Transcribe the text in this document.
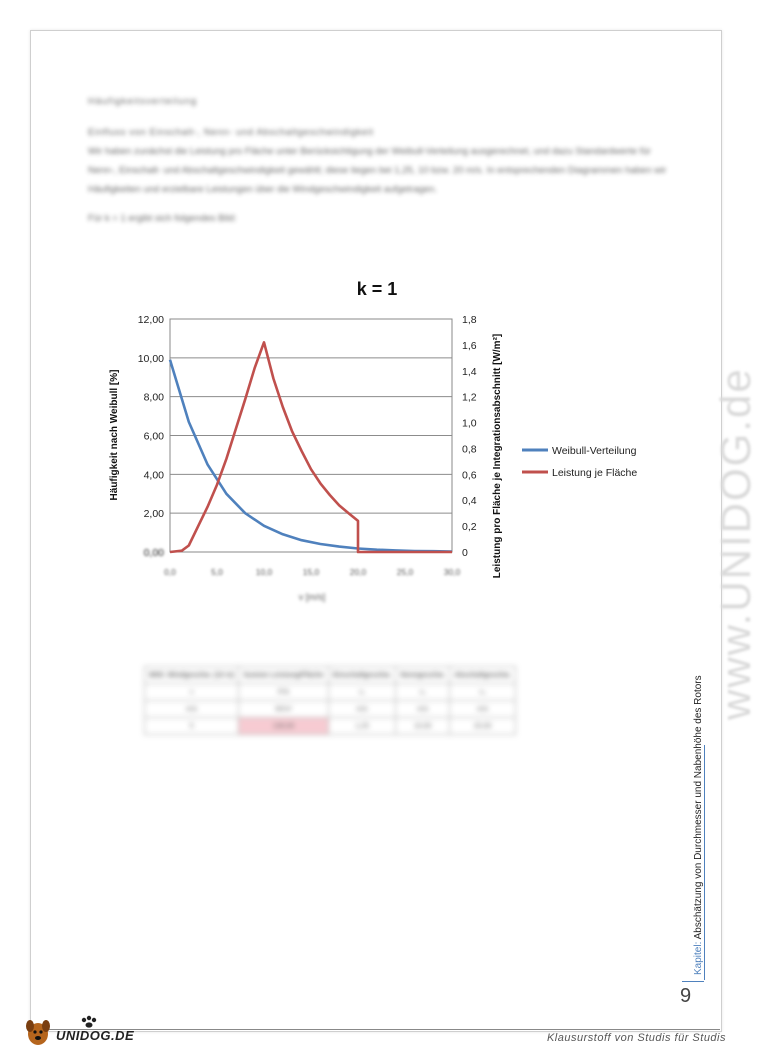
Häufigkeitsverteilung
Einfluss von Einschalt-, Nenn- und Abschaltgeschwindigkeit
Wir haben zunächst die Leistung pro Fläche unter Berücksichtigung der Weibull-Verteilung ausgerechnet, und dazu Standardwerte für Nenn-, Einschalt- und Abschaltgeschwindigkeit gewählt; diese liegen bei 1,25, 10 bzw. 20 m/s. In entsprechenden Diagrammen haben wir Häufigkeiten und erzielbare Leistungen über die Windgeschwindigkeit aufgetragen.
Für k = 1 ergibt sich folgendes Bild:
0,00
2,00
4,00
6,00
8,00
10,00
12,00
0
0,2
0,4
0,6
0,8
1,0
1,2
1,4
1,6
1,8
0,0	5,0	10,0	15,0	20,0	25,0	30,0
k = 1
Häufigkeit nach Weibull [%]	Leistung pro Fläche je Integrationsabschnitt [W/m²]
v [m/s]
Weibull-Verteilung
Leistung je Fläche
Mittl. Windgeschw. (10 m)	Summe Leistung/Fläche	Einschaltgeschw.	Nenngeschw.	Abschaltgeschw.
v	P/A	v₁	v₂	v₃
m/s	W/m²	m/s	m/s	m/s
5	130,00	1,25	10,00	20,00
www.UNIDOG.de
Kapitel: Abschätzung von Durchmesser und Nabenhöhe des Rotors
9
UNIDOG.DE	Klausurstoff von Studis für Studis
